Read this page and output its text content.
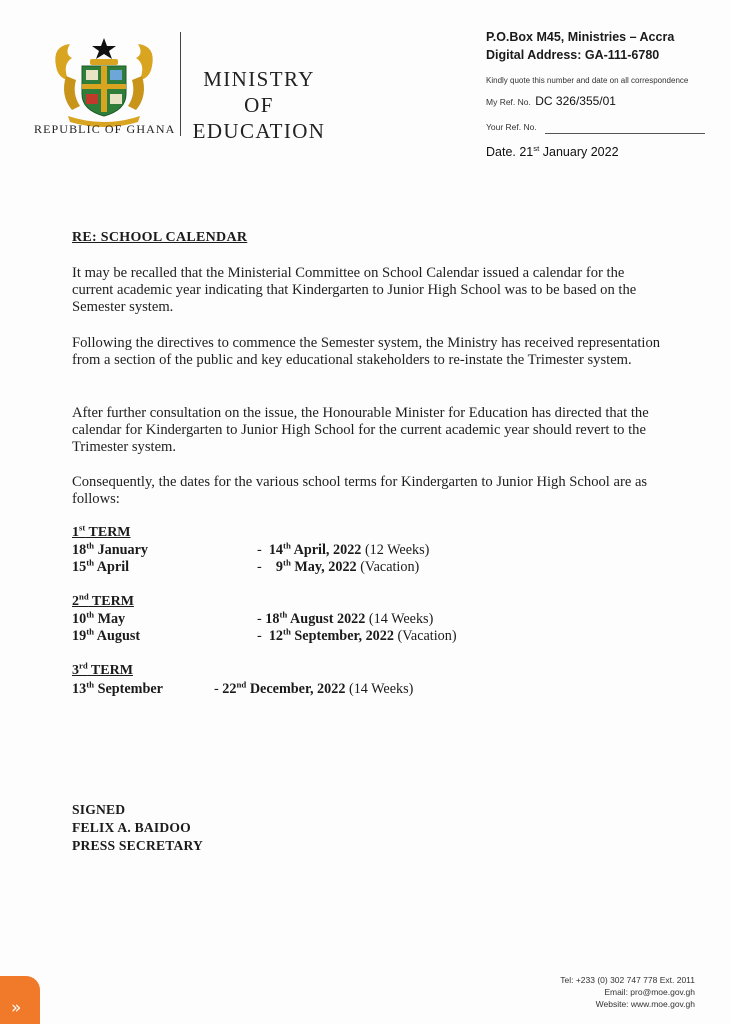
REPUBLIC OF GHANA
MINISTRY
OF
EDUCATION
P.O.Box M45, Ministries – Accra
Digital Address: GA-111-6780
Kindly quote this number and date on all correspondence
My Ref. No. DC 326/355/01
Your Ref. No.
Date. 21st January 2022
RE: SCHOOL CALENDAR
It may be recalled that the Ministerial Committee on School Calendar issued a calendar for the current academic year indicating that Kindergarten to Junior High School was to be based on the Semester system.
Following the directives to commence the Semester system, the Ministry has received representation from a section of the public and key educational stakeholders to re-instate the Trimester system.
After further consultation on the issue, the Honourable Minister for Education has directed that the calendar for Kindergarten to Junior High School for the current academic year should revert to the Trimester system.
Consequently, the dates for the various school terms for Kindergarten to Junior High School are as follows:
1st TERM
18th January	-  14th April, 2022 (12 Weeks)
15th April	-    9th May, 2022 (Vacation)
2nd TERM
10th May	- 18th August 2022 (14 Weeks)
19th August	-  12th September, 2022 (Vacation)
3rd TERM
13th September	- 22nd December, 2022 (14 Weeks)
SIGNED
FELIX A. BAIDOO
PRESS SECRETARY
Tel: +233 (0) 302 747 778 Ext. 2011
Email: pro@moe.gov.gh
Website: www.moe.gov.gh
»
